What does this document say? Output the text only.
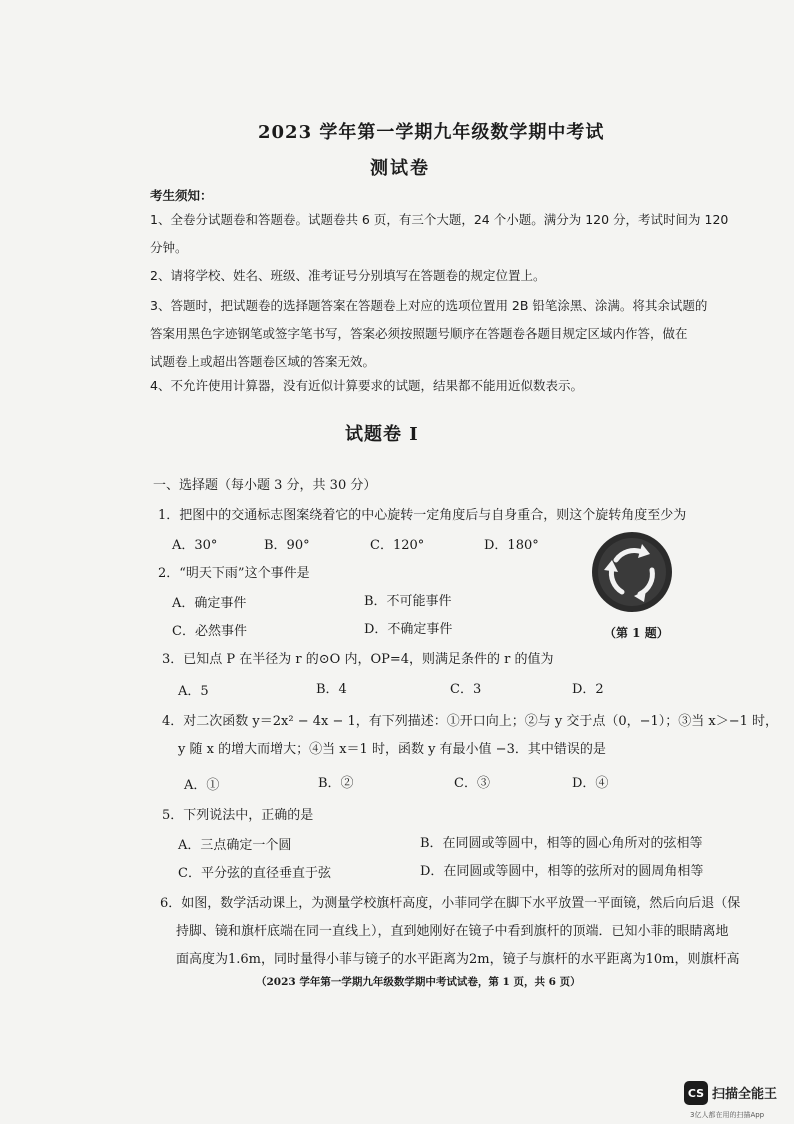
2023 学年第一学期九年级数学期中考试
测试卷
考生须知：
1、全卷分试题卷和答题卷。试题卷共 6 页，有三个大题，24 个小题。满分为 120 分，考试时间为 120
分钟。
2、请将学校、姓名、班级、准考证号分别填写在答题卷的规定位置上。
3、答题时，把试题卷的选择题答案在答题卷上对应的选项位置用 2B 铅笔涂黑、涂满。将其余试题的
答案用黑色字迹钢笔或签字笔书写，答案必须按照题号顺序在答题卷各题目规定区域内作答，做在
试题卷上或超出答题卷区域的答案无效。
4、不允许使用计算器，没有近似计算要求的试题，结果都不能用近似数表示。
试题卷 I
一、选择题（每小题 3 分，共 30 分）
1．把图中的交通标志图案绕着它的中心旋转一定角度后与自身重合，则这个旋转角度至少为
A．30°	B．90°	C．120°	D．180°
（第 1 题）
2．“明天下雨”这个事件是
A．确定事件	B．不可能事件
C．必然事件	D．不确定事件
3．已知点 P 在半径为 r 的⊙O 内，OP=4，则满足条件的 r 的值为
A．5	B．4	C．3	D．2
4．对二次函数 y＝2x² − 4x − 1，有下列描述：①开口向上；②与 y 交于点（0，−1）；③当 x＞−1 时，
y 随 x 的增大而增大；④当 x＝1 时，函数 y 有最小值 −3．其中错误的是
A．①	B．②	C．③	D．④
5．下列说法中，正确的是
A．三点确定一个圆	B．在同圆或等圆中，相等的圆心角所对的弦相等
C．平分弦的直径垂直于弦	D．在同圆或等圆中，相等的弦所对的圆周角相等
6．如图，数学活动课上，为测量学校旗杆高度，小菲同学在脚下水平放置一平面镜，然后向后退（保
持脚、镜和旗杆底端在同一直线上），直到她刚好在镜子中看到旗杆的顶端．已知小菲的眼睛离地
面高度为1.6m，同时量得小菲与镜子的水平距离为2m，镜子与旗杆的水平距离为10m，则旗杆高
（2023 学年第一学期九年级数学期中考试试卷，第 1 页，共 6 页）
CS 扫描全能王
3亿人都在用的扫描App
